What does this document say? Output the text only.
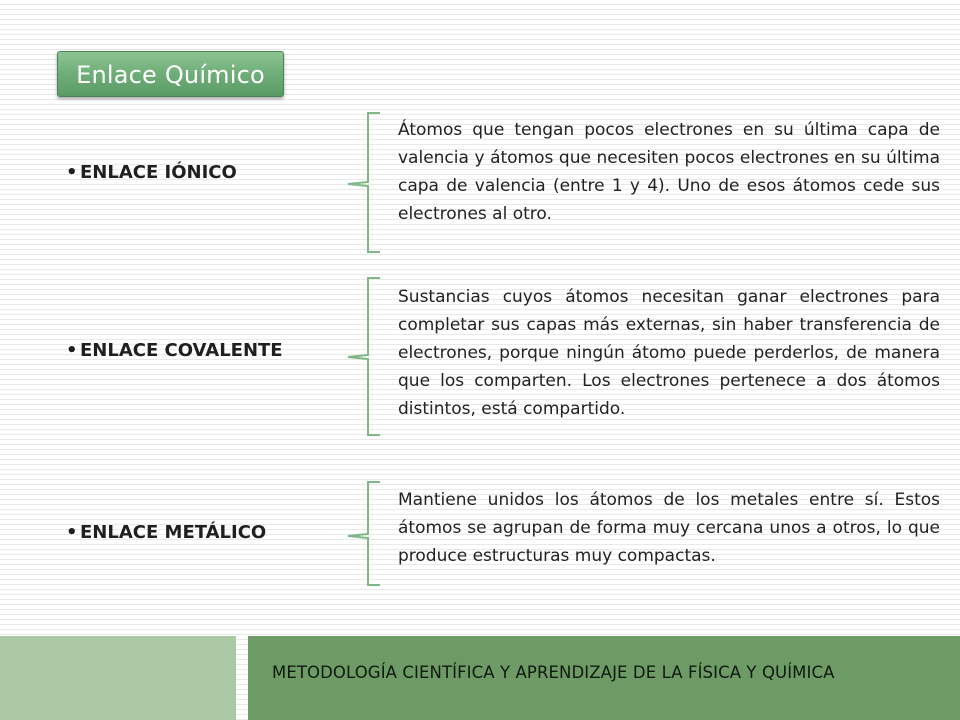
Enlace Químico
• ENLACE IÓNICO
Átomos que tengan pocos electrones en su última capa de valencia y átomos que necesiten pocos electrones en su última capa de valencia (entre 1 y 4). Uno de esos átomos cede sus electrones al otro.
• ENLACE COVALENTE
Sustancias cuyos átomos necesitan ganar electrones para completar sus capas más externas, sin haber transferencia de electrones, porque ningún átomo puede perderlos, de manera que los comparten. Los electrones pertenece a dos átomos distintos, está compartido.
• ENLACE METÁLICO
Mantiene unidos los átomos de los metales entre sí. Estos átomos se agrupan de forma muy cercana unos a otros, lo que produce estructuras muy compactas.
METODOLOGÍA CIENTÍFICA Y APRENDIZAJE DE LA FÍSICA Y QUÍMICA
